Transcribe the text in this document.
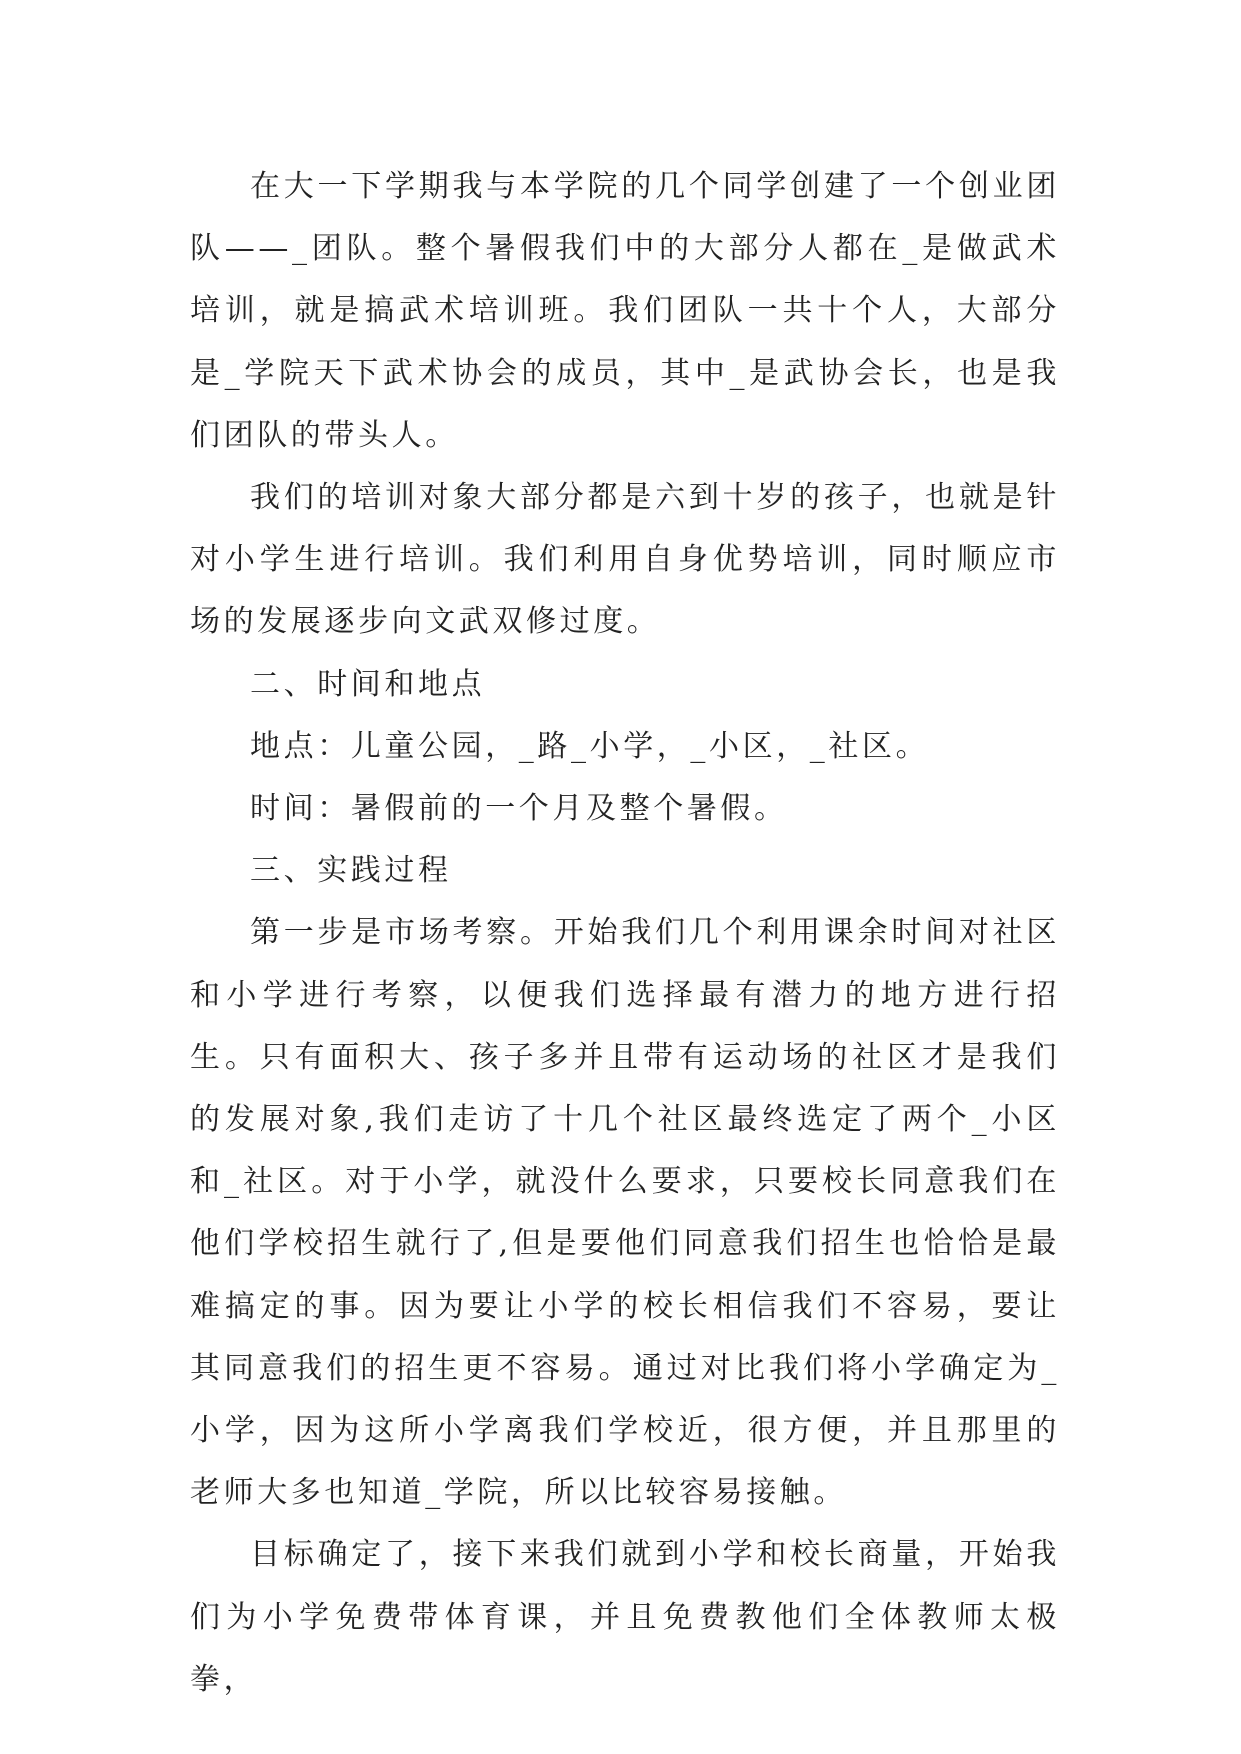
在大一下学期我与本学院的几个同学创建了一个创业团队——_团队。整个暑假我们中的大部分人都在_是做武术培训，就是搞武术培训班。我们团队一共十个人，大部分是_学院天下武术协会的成员，其中_是武协会长，也是我们团队的带头人。

我们的培训对象大部分都是六到十岁的孩子，也就是针对小学生进行培训。我们利用自身优势培训，同时顺应市场的发展逐步向文武双修过度。

二、时间和地点

地点：儿童公园，_路_小学，_小区，_社区。

时间：暑假前的一个月及整个暑假。

三、实践过程

第一步是市场考察。开始我们几个利用课余时间对社区和小学进行考察，以便我们选择最有潜力的地方进行招生。只有面积大、孩子多并且带有运动场的社区才是我们的发展对象,我们走访了十几个社区最终选定了两个_小区和_社区。对于小学，就没什么要求，只要校长同意我们在他们学校招生就行了,但是要他们同意我们招生也恰恰是最难搞定的事。因为要让小学的校长相信我们不容易，要让其同意我们的招生更不容易。通过对比我们将小学确定为_小学，因为这所小学离我们学校近，很方便，并且那里的老师大多也知道_学院，所以比较容易接触。

目标确定了，接下来我们就到小学和校长商量，开始我们为小学免费带体育课，并且免费教他们全体教师太极拳，
